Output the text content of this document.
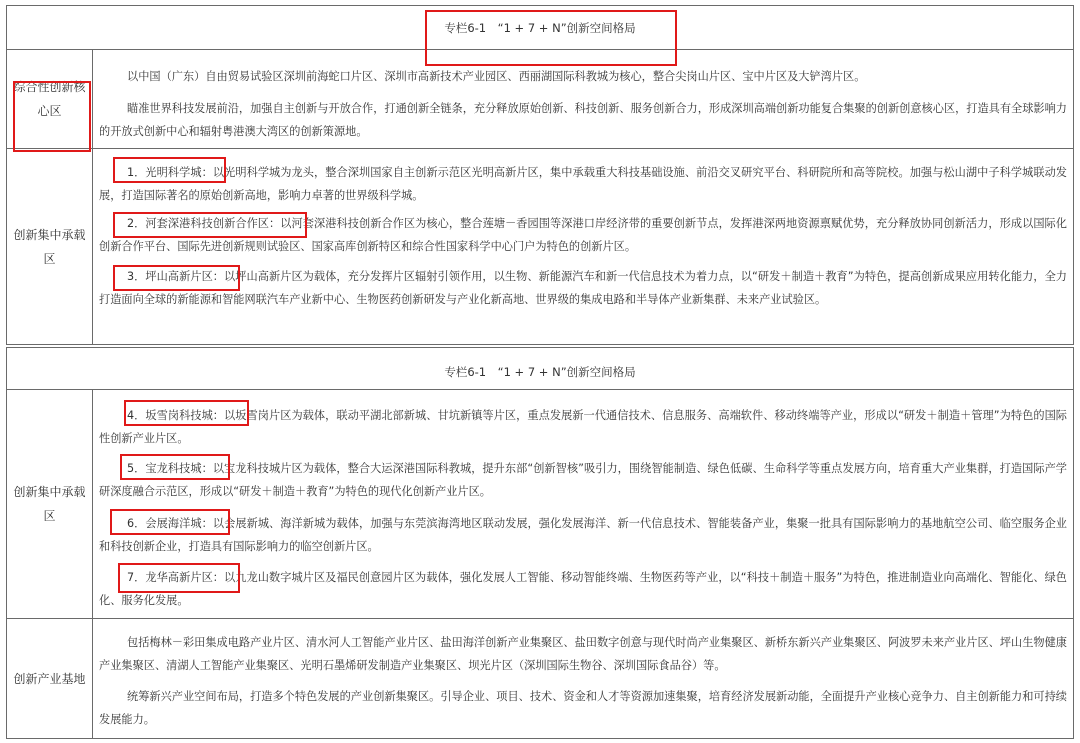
专栏6-1　“1 + 7 + N”创新空间格局
综合性创新核心区
以中国（广东）自由贸易试验区深圳前海蛇口片区、深圳市高新技术产业园区、西丽湖国际科教城为核心，整合尖岗山片区、宝中片区及大铲湾片区。
瞄准世界科技发展前沿，加强自主创新与开放合作，打通创新全链条，充分释放原始创新、科技创新、服务创新合力，形成深圳高端创新功能复合集聚的创新创意核心区，打造具有全球影响力的开放式创新中心和辐射粤港澳大湾区的创新策源地。
创新集中承载区
1．光明科学城：以光明科学城为龙头，整合深圳国家自主创新示范区光明高新片区，集中承载重大科技基础设施、前沿交叉研究平台、科研院所和高等院校。加强与松山湖中子科学城联动发展，打造国际著名的原始创新高地，影响力卓著的世界级科学城。
2．河套深港科技创新合作区：以河套深港科技创新合作区为核心，整合莲塘－香园围等深港口岸经济带的重要创新节点，发挥港深两地资源禀赋优势，充分释放协同创新活力，形成以国际化创新合作平台、国际先进创新规则试验区、国家高库创新特区和综合性国家科学中心门户为特色的创新片区。
3．坪山高新片区：以坪山高新片区为载体，充分发挥片区辐射引领作用，以生物、新能源汽车和新一代信息技术为着力点，以“研发＋制造＋教育”为特色，提高创新成果应用转化能力，全力打造面向全球的新能源和智能网联汽车产业新中心、生物医药创新研发与产业化新高地、世界级的集成电路和半导体产业新集群、未来产业试验区。
专栏6-1　“1 + 7 + N”创新空间格局
创新集中承载区
4．坂雪岗科技城：以坂雪岗片区为载体，联动平湖北部新城、甘坑新镇等片区，重点发展新一代通信技术、信息服务、高端软件、移动终端等产业，形成以“研发＋制造＋管理”为特色的国际性创新产业片区。
5．宝龙科技城：以宝龙科技城片区为载体，整合大运深港国际科教城，提升东部“创新智核”吸引力，围绕智能制造、绿色低碳、生命科学等重点发展方向，培育重大产业集群，打造国际产学研深度融合示范区，形成以“研发＋制造＋教育”为特色的现代化创新产业片区。
6．会展海洋城：以会展新城、海洋新城为载体，加强与东莞滨海湾地区联动发展，强化发展海洋、新一代信息技术、智能装备产业，集聚一批具有国际影响力的基地航空公司、临空服务企业和科技创新企业，打造具有国际影响力的临空创新片区。
7．龙华高新片区：以九龙山数字城片区及福民创意园片区为载体，强化发展人工智能、移动智能终端、生物医药等产业，以“科技＋制造＋服务”为特色，推进制造业向高端化、智能化、绿色化、服务化发展。
创新产业基地
包括梅林－彩田集成电路产业片区、清水河人工智能产业片区、盐田海洋创新产业集聚区、盐田数字创意与现代时尚产业集聚区、新桥东新兴产业集聚区、阿波罗未来产业片区、坪山生物健康产业集聚区、清湖人工智能产业集聚区、光明石墨烯研发制造产业集聚区、坝光片区（深圳国际生物谷、深圳国际食品谷）等。
统筹新兴产业空间布局，打造多个特色发展的产业创新集聚区。引导企业、项目、技术、资金和人才等资源加速集聚，培育经济发展新动能，全面提升产业核心竞争力、自主创新能力和可持续发展能力。
